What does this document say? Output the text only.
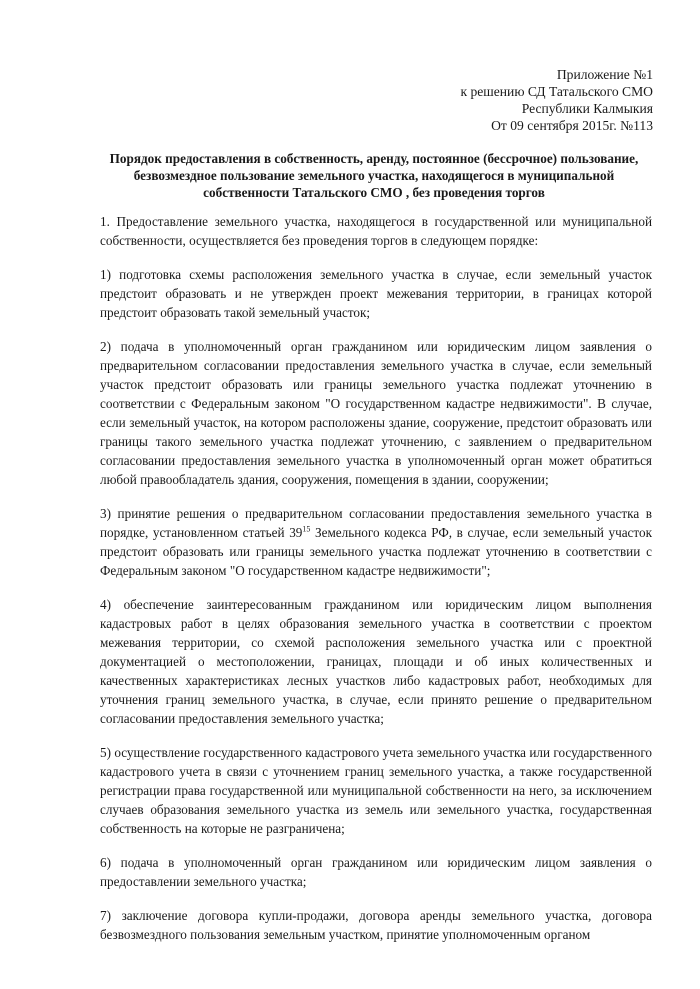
Приложение №1
к решению СД Татальского СМО
Республики Калмыкия
От 09 сентября 2015г. №113
Порядок предоставления в собственность, аренду, постоянное (бессрочное) пользование, безвозмездное пользование земельного участка, находящегося в муниципальной собственности Татальского СМО , без проведения торгов

1. Предоставление земельного участка, находящегося в государственной или муниципальной собственности, осуществляется без проведения торгов в следующем порядке:

1) подготовка схемы расположения земельного участка в случае, если земельный участок предстоит образовать и не утвержден проект межевания территории, в границах которой предстоит образовать такой земельный участок;

2) подача в уполномоченный орган гражданином или юридическим лицом заявления о предварительном согласовании предоставления земельного участка в случае, если земельный участок предстоит образовать или границы земельного участка подлежат уточнению в соответствии с Федеральным законом "О государственном кадастре недвижимости". В случае, если земельный участок, на котором расположены здание, сооружение, предстоит образовать или границы такого земельного участка подлежат уточнению, с заявлением о предварительном согласовании предоставления земельного участка в уполномоченный орган может обратиться любой правообладатель здания, сооружения, помещения в здании, сооружении;

3) принятие решения о предварительном согласовании предоставления земельного участка в порядке, установленном статьей $39^{15}$ Земельного кодекса РФ, в случае, если земельный участок предстоит образовать или границы земельного участка подлежат уточнению в соответствии с Федеральным законом "О государственном кадастре недвижимости";

4) обеспечение заинтересованным гражданином или юридическим лицом выполнения кадастровых работ в целях образования земельного участка в соответствии с проектом межевания территории, со схемой расположения земельного участка или с проектной документацией о местоположении, границах, площади и об иных количественных и качественных характеристиках лесных участков либо кадастровых работ, необходимых для уточнения границ земельного участка, в случае, если принято решение о предварительном согласовании предоставления земельного участка;

5) осуществление государственного кадастрового учета земельного участка или государственного кадастрового учета в связи с уточнением границ земельного участка, а также государственной регистрации права государственной или муниципальной собственности на него, за исключением случаев образования земельного участка из земель или земельного участка, государственная собственность на которые не разграничена;

6) подача в уполномоченный орган гражданином или юридическим лицом заявления о предоставлении земельного участка;

7) заключение договора купли-продажи, договора аренды земельного участка, договора безвозмездного пользования земельным участком, принятие уполномоченным органом
